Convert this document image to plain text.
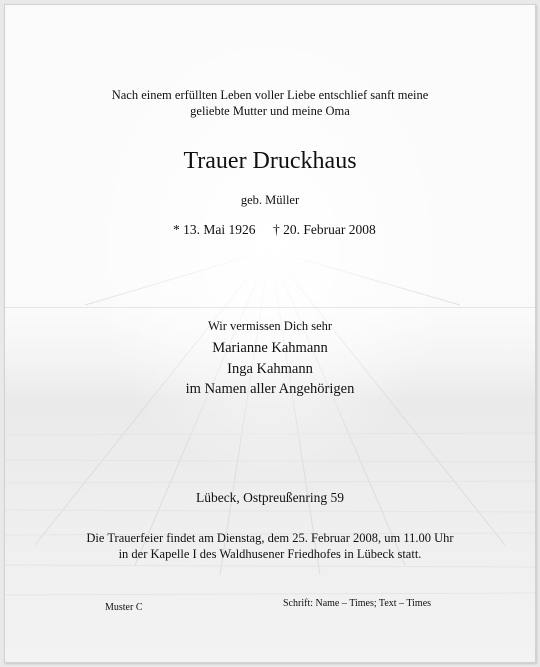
Nach einem erfüllten Leben voller Liebe entschlief sanft meine
geliebte Mutter und meine Oma
Trauer Druckhaus
geb. Müller
* 13. Mai 1926 † 20. Februar 2008
Wir vermissen Dich sehr
Marianne Kahmann
Inga Kahmann
im Namen aller Angehörigen
Lübeck, Ostpreußenring 59
Die Trauerfeier findet am Dienstag, dem 25. Februar 2008, um 11.00 Uhr
in der Kapelle I des Waldhusener Friedhofes in Lübeck statt.
Muster C	Schrift: Name – Times; Text – Times
